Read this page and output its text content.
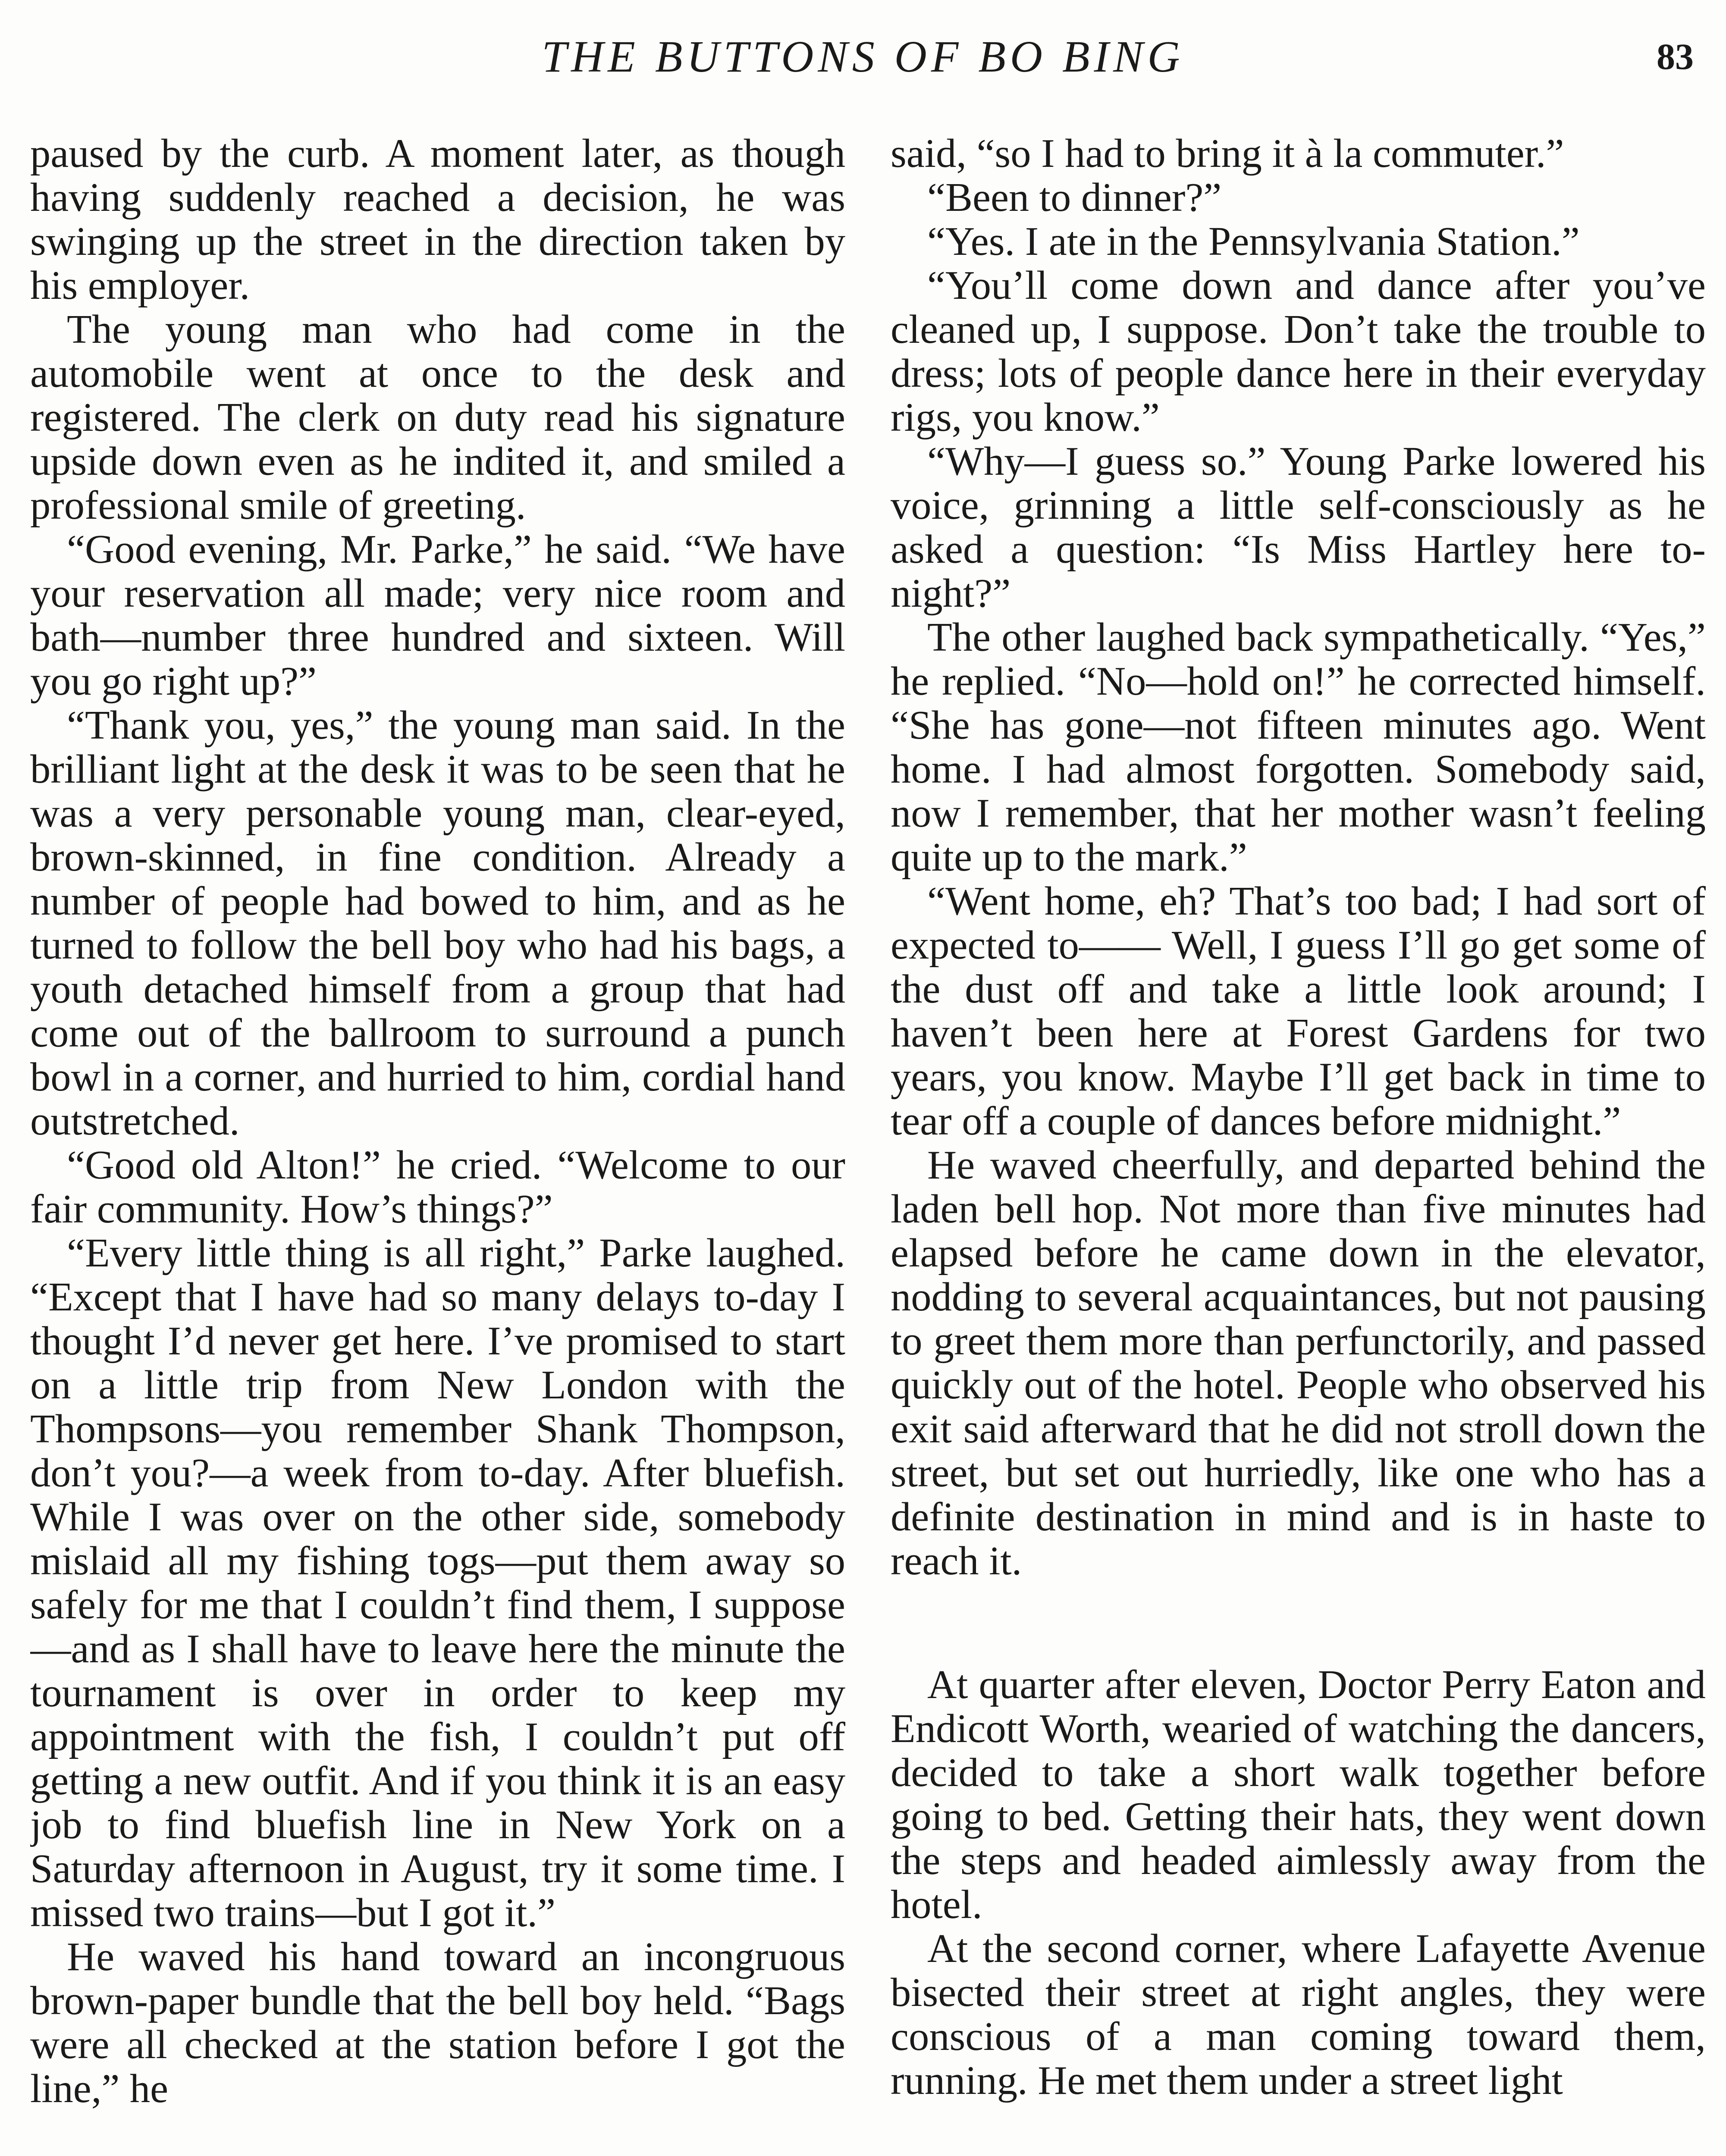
THE BUTTONS OF BO BING	83

paused by the curb. A moment later, as though having suddenly reached a decision, he was swinging up the street in the direction taken by his employer.

The young man who had come in the automobile went at once to the desk and registered. The clerk on duty read his signature upside down even as he indited it, and smiled a professional smile of greeting.

“Good evening, Mr. Parke,” he said. “We have your reservation all made; very nice room and bath—number three hundred and sixteen. Will you go right up?”

“Thank you, yes,” the young man said. In the brilliant light at the desk it was to be seen that he was a very personable young man, clear-eyed, brown-skinned, in fine condition. Already a number of people had bowed to him, and as he turned to follow the bell boy who had his bags, a youth detached himself from a group that had come out of the ballroom to surround a punch bowl in a corner, and hurried to him, cordial hand outstretched.

“Good old Alton!” he cried. “Welcome to our fair community. How’s things?”

“Every little thing is all right,” Parke laughed. “Except that I have had so many delays to-day I thought I’d never get here. I’ve promised to start on a little trip from New London with the Thompsons—you remember Shank Thompson, don’t you?—a week from to-day. After bluefish. While I was over on the other side, somebody mislaid all my fishing togs—put them away so safely for me that I couldn’t find them, I suppose—and as I shall have to leave here the minute the tournament is over in order to keep my appointment with the fish, I couldn’t put off getting a new outfit. And if you think it is an easy job to find bluefish line in New York on a Saturday afternoon in August, try it some time. I missed two trains—but I got it.”

He waved his hand toward an incongruous brown-paper bundle that the bell boy held. “Bags were all checked at the station before I got the line,” he

said, “so I had to bring it à la commuter.”

“Been to dinner?”

“Yes. I ate in the Pennsylvania Station.”

“You’ll come down and dance after you’ve cleaned up, I suppose. Don’t take the trouble to dress; lots of people dance here in their everyday rigs, you know.”

“Why—I guess so.” Young Parke lowered his voice, grinning a little self-consciously as he asked a question: “Is Miss Hartley here to-night?”

The other laughed back sympathetically. “Yes,” he replied. “No—hold on!” he corrected himself. “She has gone—not fifteen minutes ago. Went home. I had almost forgotten. Somebody said, now I remember, that her mother wasn’t feeling quite up to the mark.”

“Went home, eh? That’s too bad; I had sort of expected to—— Well, I guess I’ll go get some of the dust off and take a little look around; I haven’t been here at Forest Gardens for two years, you know. Maybe I’ll get back in time to tear off a couple of dances before midnight.”

He waved cheerfully, and departed behind the laden bell hop. Not more than five minutes had elapsed before he came down in the elevator, nodding to several acquaintances, but not pausing to greet them more than perfunctorily, and passed quickly out of the hotel. People who observed his exit said afterward that he did not stroll down the street, but set out hurriedly, like one who has a definite destination in mind and is in haste to reach it.

At quarter after eleven, Doctor Perry Eaton and Endicott Worth, wearied of watching the dancers, decided to take a short walk together before going to bed. Getting their hats, they went down the steps and headed aimlessly away from the hotel.

At the second corner, where Lafayette Avenue bisected their street at right angles, they were conscious of a man coming toward them, running. He met them under a street light
